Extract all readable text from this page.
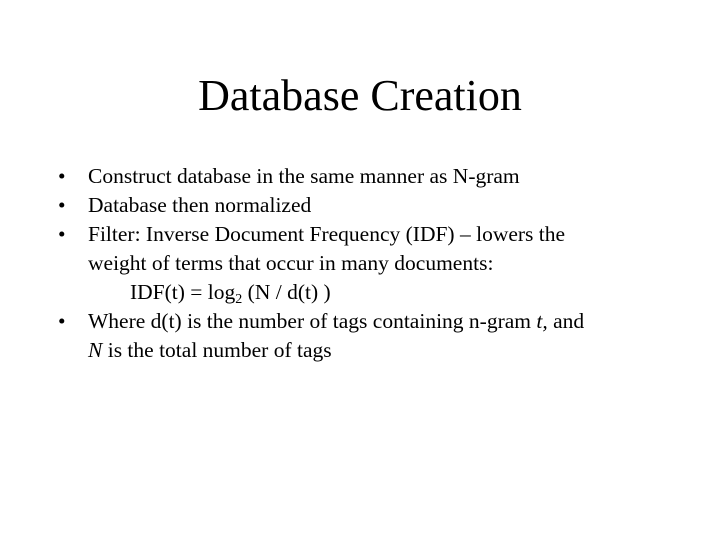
Database Creation
•	Construct database in the same manner as N-gram
•	Database then normalized
•	Filter: Inverse Document Frequency (IDF) – lowers the
weight of terms that occur in many documents:
$IDF(t) = \log_2 (N / d(t)$ )
•	Where d(t) is the number of tags containing n-gram t, and
N is the total number of tags
